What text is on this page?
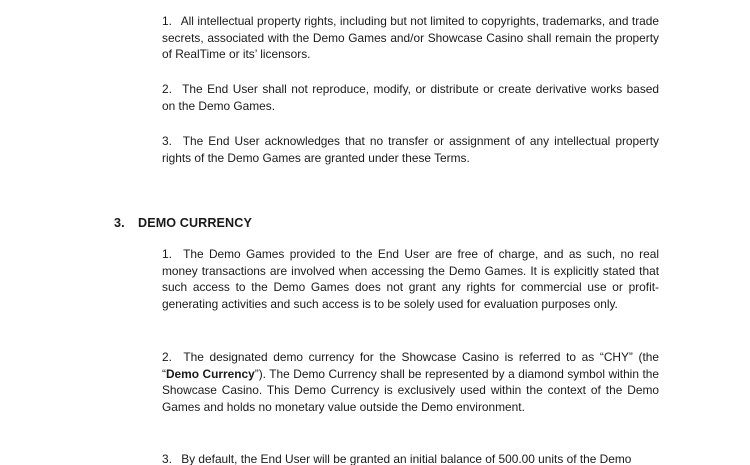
1. All intellectual property rights, including but not limited to copyrights, trademarks, and trade secrets, associated with the Demo Games and/or Showcase Casino shall remain the property of RealTime or its’ licensors.

2. The End User shall not reproduce, modify, or distribute or create derivative works based on the Demo Games.

3. The End User acknowledges that no transfer or assignment of any intellectual property rights of the Demo Games are granted under these Terms.

3. DEMO CURRENCY

1. The Demo Games provided to the End User are free of charge, and as such, no real money transactions are involved when accessing the Demo Games. It is explicitly stated that such access to the Demo Games does not grant any rights for commercial use or profit-generating activities and such access is to be solely used for evaluation purposes only.

2. The designated demo currency for the Showcase Casino is referred to as “CHY” (the “Demo Currency”). The Demo Currency shall be represented by a diamond symbol within the Showcase Casino. This Demo Currency is exclusively used within the context of the Demo Games and holds no monetary value outside the Demo environment.

3. By default, the End User will be granted an initial balance of 500.00 units of the Demo
